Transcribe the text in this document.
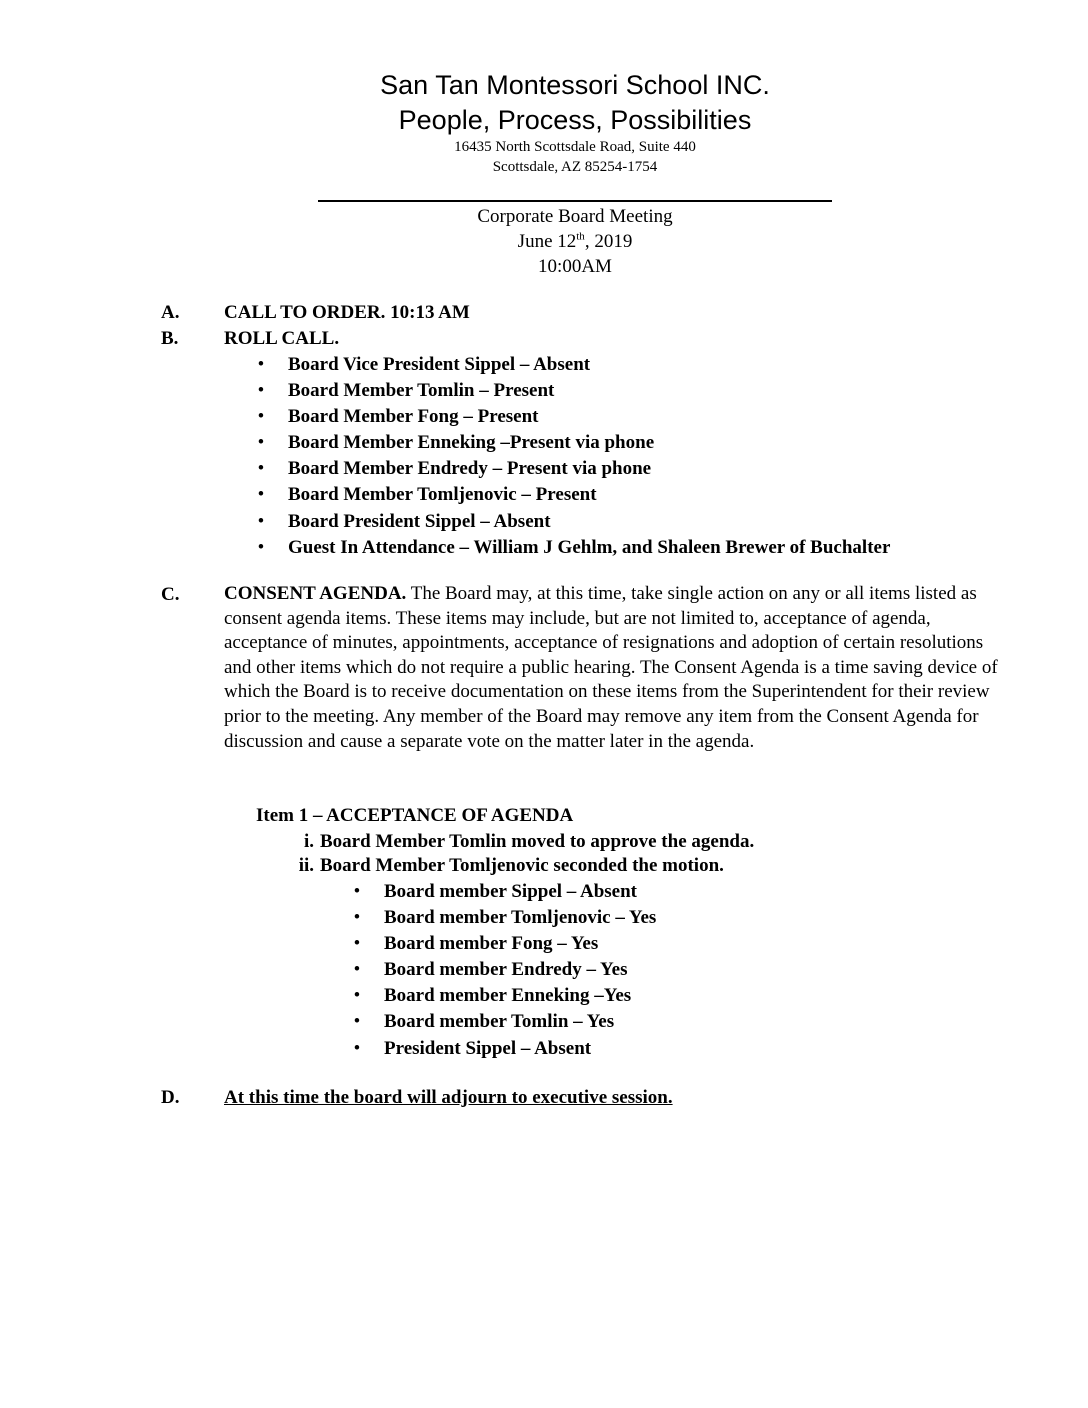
San Tan Montessori School INC.
People, Process, Possibilities
16435 North Scottsdale Road, Suite 440
Scottsdale, AZ 85254-1754
Corporate Board Meeting
June 12th, 2019
10:00AM
A. CALL TO ORDER. 10:13 AM
B. ROLL CALL.
• Board Vice President Sippel – Absent
• Board Member Tomlin – Present
• Board Member Fong – Present
• Board Member Enneking –Present via phone
• Board Member Endredy – Present via phone
• Board Member Tomljenovic – Present
• Board President Sippel – Absent
• Guest In Attendance – William J Gehlm, and Shaleen Brewer of Buchalter
C. CONSENT AGENDA. The Board may, at this time, take single action on any or all items listed as consent agenda items. These items may include, but are not limited to, acceptance of agenda, acceptance of minutes, appointments, acceptance of resignations and adoption of certain resolutions and other items which do not require a public hearing. The Consent Agenda is a time saving device of which the Board is to receive documentation on these items from the Superintendent for their review prior to the meeting. Any member of the Board may remove any item from the Consent Agenda for discussion and cause a separate vote on the matter later in the agenda.
Item 1 – ACCEPTANCE OF AGENDA
i. Board Member Tomlin moved to approve the agenda.
ii. Board Member Tomljenovic seconded the motion.
• Board member Sippel – Absent
• Board member Tomljenovic – Yes
• Board member Fong – Yes
• Board member Endredy – Yes
• Board member Enneking –Yes
• Board member Tomlin – Yes
• President Sippel – Absent
D. At this time the board will adjourn to executive session.
